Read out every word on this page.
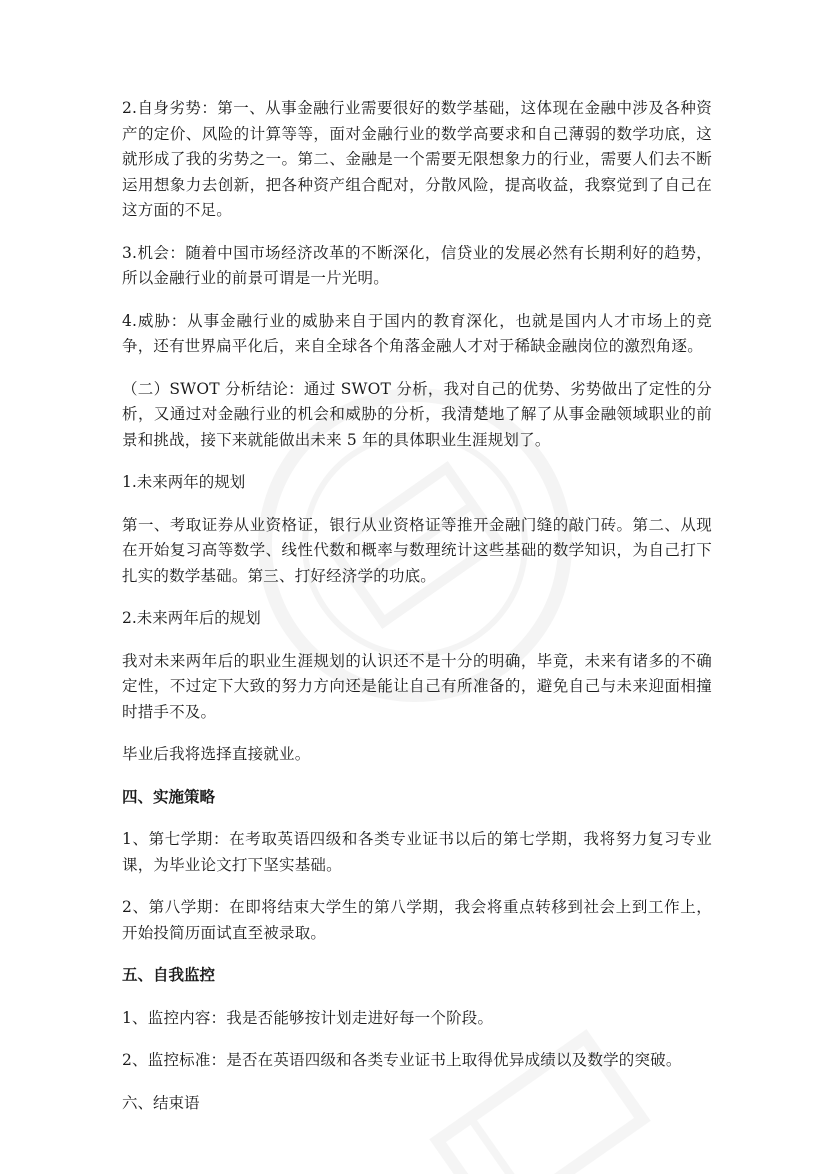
2.自身劣势：第一、从事金融行业需要很好的数学基础，这体现在金融中涉及各种资产的定价、风险的计算等等，面对金融行业的数学高要求和自己薄弱的数学功底，这就形成了我的劣势之一。第二、金融是一个需要无限想象力的行业，需要人们去不断运用想象力去创新，把各种资产组合配对，分散风险，提高收益，我察觉到了自己在这方面的不足。

3.机会：随着中国市场经济改革的不断深化，信贷业的发展必然有长期利好的趋势，所以金融行业的前景可谓是一片光明。

4.威胁：从事金融行业的威胁来自于国内的教育深化，也就是国内人才市场上的竞争，还有世界扁平化后，来自全球各个角落金融人才对于稀缺金融岗位的激烈角逐。

（二）SWOT 分析结论：通过 SWOT 分析，我对自己的优势、劣势做出了定性的分析，又通过对金融行业的机会和威胁的分析，我清楚地了解了从事金融领域职业的前景和挑战，接下来就能做出未来 5 年的具体职业生涯规划了。

1.未来两年的规划

第一、考取证券从业资格证，银行从业资格证等推开金融门缝的敲门砖。第二、从现在开始复习高等数学、线性代数和概率与数理统计这些基础的数学知识，为自己打下扎实的数学基础。第三、打好经济学的功底。

2.未来两年后的规划

我对未来两年后的职业生涯规划的认识还不是十分的明确，毕竟，未来有诸多的不确定性，不过定下大致的努力方向还是能让自己有所准备的，避免自己与未来迎面相撞时措手不及。

毕业后我将选择直接就业。

四、实施策略

1、第七学期：在考取英语四级和各类专业证书以后的第七学期，我将努力复习专业课，为毕业论文打下坚实基础。

2、第八学期：在即将结束大学生的第八学期，我会将重点转移到社会上到工作上，开始投简历面试直至被录取。

五、自我监控

1、监控内容：我是否能够按计划走进好每一个阶段。

2、监控标准：是否在英语四级和各类专业证书上取得优异成绩以及数学的突破。

六、结束语
